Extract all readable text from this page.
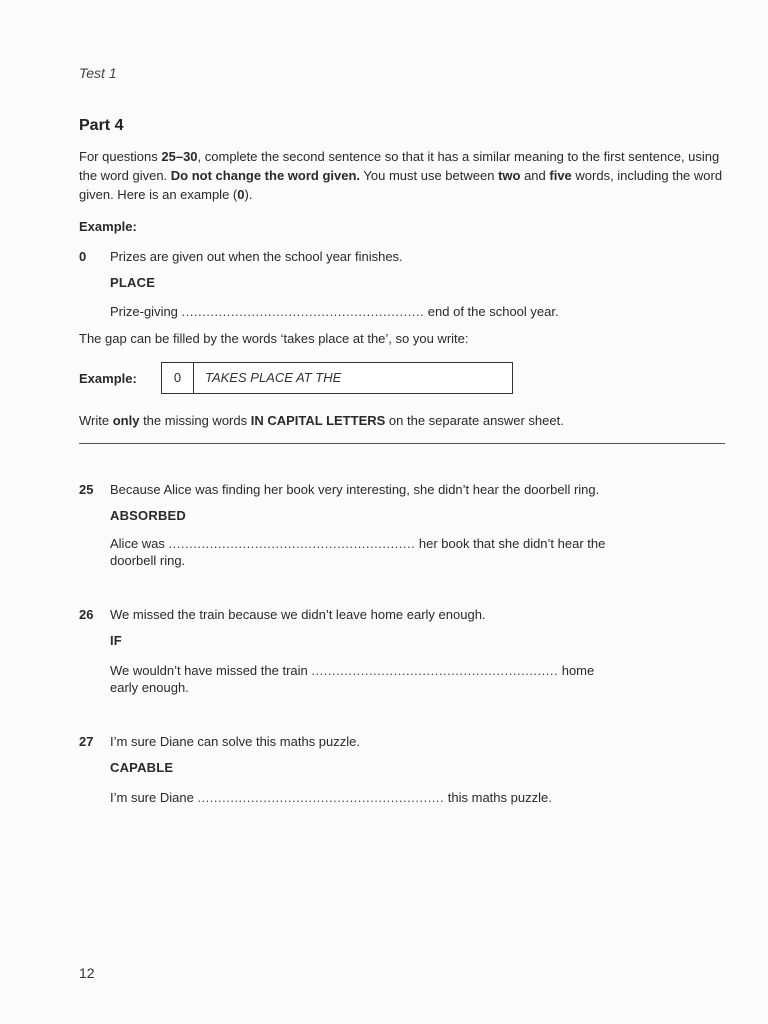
Test 1
Part 4
For questions 25–30, complete the second sentence so that it has a similar meaning to the first sentence, using the word given. Do not change the word given. You must use between two and five words, including the word given. Here is an example (0).
Example:
0 Prizes are given out when the school year finishes.
PLACE
Prize-giving ........................................................... end of the school year.
The gap can be filled by the words ‘takes place at the’, so you write:
Example:	0	TAKES PLACE AT THE
Write only the missing words IN CAPITAL LETTERS on the separate answer sheet.
25 Because Alice was finding her book very interesting, she didn’t hear the doorbell ring.
ABSORBED
Alice was ............................................................ her book that she didn’t hear the
doorbell ring.
26 We missed the train because we didn’t leave home early enough.
IF
We wouldn’t have missed the train ............................................................ home
early enough.
27 I’m sure Diane can solve this maths puzzle.
CAPABLE
I’m sure Diane ............................................................ this maths puzzle.
12
